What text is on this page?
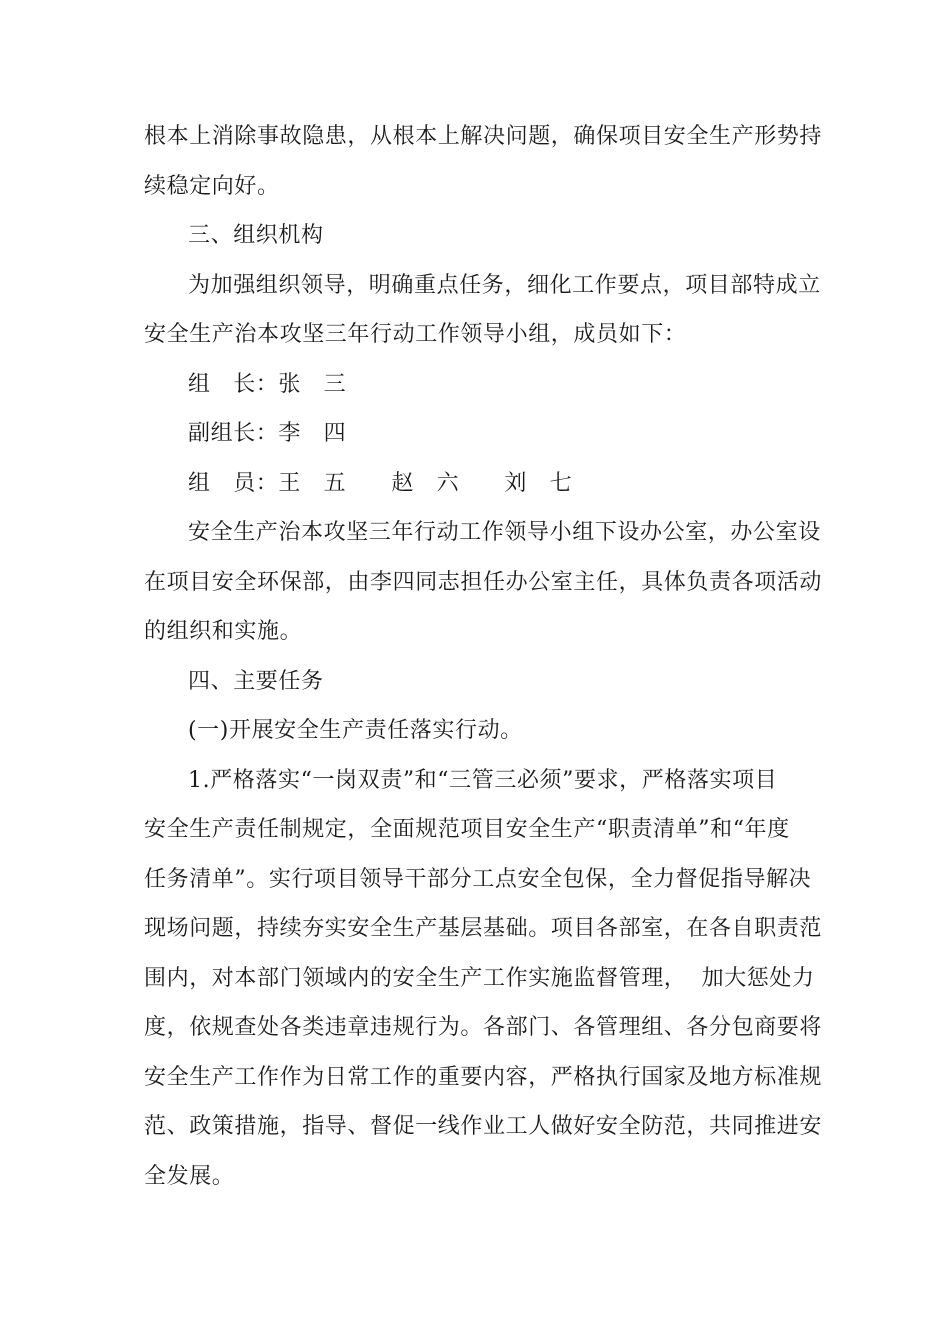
根本上消除事故隐患，从根本上解决问题，确保项目安全生产形势持
续稳定向好。

三、组织机构

为加强组织领导，明确重点任务，细化工作要点，项目部特成立
安全生产治本攻坚三年行动工作领导小组，成员如下：

组　长：张　三

副组长：李　四

组　员：王　五　　赵　六　　刘　七

安全生产治本攻坚三年行动工作领导小组下设办公室，办公室设
在项目安全环保部，由李四同志担任办公室主任，具体负责各项活动
的组织和实施。

四、主要任务

(一)开展安全生产责任落实行动。

1.严格落实“一岗双责”和“三管三必须”要求，严格落实项目
安全生产责任制规定，全面规范项目安全生产“职责清单”和“年度
任务清单”。实行项目领导干部分工点安全包保，全力督促指导解决
现场问题，持续夯实安全生产基层基础。项目各部室，在各自职责范
围内，对本部门领域内的安全生产工作实施监督管理，  加大惩处力
度，依规查处各类违章违规行为。各部门、各管理组、各分包商要将
安全生产工作作为日常工作的重要内容，严格执行国家及地方标准规
范、政策措施，指导、督促一线作业工人做好安全防范，共同推进安
全发展。
